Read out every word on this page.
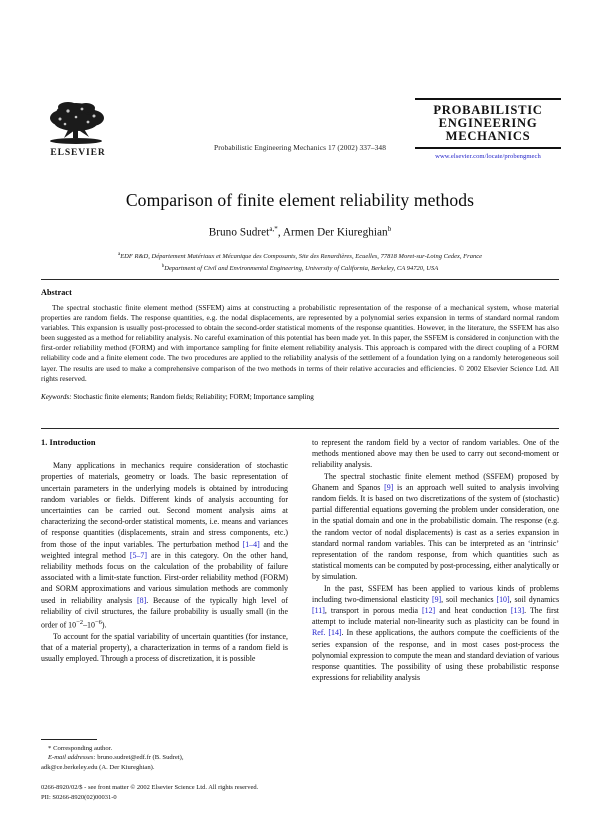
ELSEVIER
Probabilistic Engineering Mechanics 17 (2002) 337–348
PROBABILISTIC
ENGINEERING
MECHANICS
www.elsevier.com/locate/probengmech
Comparison of finite element reliability methods
Bruno Sudret$^{a,*}$, Armen Der Kiureghian$^b$
$^a$EDF R&D, Département Matériaux et Mécanique des Composants, Site des Renardières, Ecuelles, 77818 Moret-sur-Loing Cedex, France
$^b$Department of Civil and Environmental Engineering, University of California, Berkeley, CA 94720, USA
Abstract
The spectral stochastic finite element method (SSFEM) aims at constructing a probabilistic representation of the response of a mechanical system, whose material properties are random fields. The response quantities, e.g. the nodal displacements, are represented by a polynomial series expansion in terms of standard normal random variables. This expansion is usually post-processed to obtain the second-order statistical moments of the response quantities. However, in the literature, the SSFEM has also been suggested as a method for reliability analysis. No careful examination of this potential has been made yet. In this paper, the SSFEM is considered in conjunction with the first-order reliability method (FORM) and with importance sampling for finite element reliability analysis. This approach is compared with the direct coupling of a FORM reliability code and a finite element code. The two procedures are applied to the reliability analysis of the settlement of a foundation lying on a randomly heterogeneous soil layer. The results are used to make a comprehensive comparison of the two methods in terms of their relative accuracies and efficiencies. © 2002 Elsevier Science Ltd. All rights reserved.
Keywords: Stochastic finite elements; Random fields; Reliability; FORM; Importance sampling
1. Introduction

Many applications in mechanics require consideration of stochastic properties of materials, geometry or loads. The basic representation of uncertain parameters in the underlying models is obtained by introducing random variables or fields. Different kinds of analysis accounting for uncertainties can be carried out. Second moment analysis aims at characterizing the second-order statistical moments, i.e. means and variances of response quantities (displacements, strain and stress components, etc.) from those of the input variables. The perturbation method [1–4] and the weighted integral method [5–7] are in this category. On the other hand, reliability methods focus on the calculation of the probability of failure associated with a limit-state function. First-order reliability method (FORM) and SORM approximations and various simulation methods are commonly used in reliability analysis [8]. Because of the typically high level of reliability of civil structures, the failure probability is usually small (in the order of $10^{-2}-10^{-6}$).

To account for the spatial variability of uncertain quantities (for instance, that of a material property), a characterization in terms of a random field is usually employed. Through a process of discretization, it is possible

to represent the random field by a vector of random variables. One of the methods mentioned above may then be used to carry out second-moment or reliability analysis.

The spectral stochastic finite element method (SSFEM) proposed by Ghanem and Spanos [9] is an approach well suited to analysis involving random fields. It is based on two discretizations of the system of (stochastic) partial differential equations governing the problem under consideration, one in the spatial domain and one in the probabilistic domain. The response (e.g. the random vector of nodal displacements) is cast as a series expansion in standard normal random variables. This can be interpreted as an ‘intrinsic’ representation of the random response, from which quantities such as statistical moments can be computed by post-processing, either analytically or by simulation.

In the past, SSFEM has been applied to various kinds of problems including two-dimensional elasticity [9], soil mechanics [10], soil dynamics [11], transport in porous media [12] and heat conduction [13]. The first attempt to include material non-linearity such as plasticity can be found in Ref. [14]. In these applications, the authors compute the coefficients of the series expansion of the response, and in most cases post-process the polynomial expression to compute the mean and standard deviation of various response quantities. The possibility of using these probabilistic response expressions for reliability analysis

* Corresponding author.
E-mail addresses: bruno.sudret@edf.fr (B. Sudret),
adk@ce.berkeley.edu (A. Der Kiureghian).
0266-8920/02/$ - see front matter © 2002 Elsevier Science Ltd. All rights reserved.
PII: S0266-8920(02)00031-0
